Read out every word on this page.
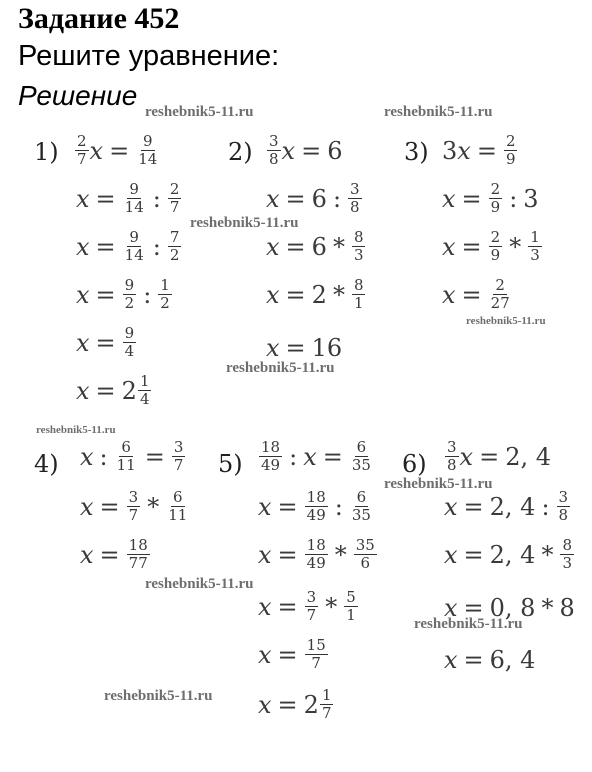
Задание 452
Решите уравнение:
Решение
reshebnik5-11.ru	reshebnik5-11.ru
reshebnik5-11.ru
reshebnik5-11.ru
reshebnik5-11.ru
reshebnik5-11.ru
reshebnik5-11.ru
reshebnik5-11.ru
reshebnik5-11.ru
reshebnik5-11.ru
$1) \frac{2}{7}$ $x = \frac{9}{14}$
$x = \frac{9}{14}$ : $\frac{2}{7}$
$x = \frac{9}{14}$ : $\frac{7}{2}$
$x = \frac{9}{2}$ : $\frac{1}{2}$
$x = \frac{9}{4}$
$x = 2 \frac{1}{4}$
$2) \frac{3}{8}$ x = 6
x = 6 : $\frac{3}{8}$
$x = 6 * \frac{8}{3}$
$x = 2 * \frac{8}{1}$
x = 16
3) 3 $x = \frac{2}{9}$
$x = \frac{2}{9}$ : 3
$x = \frac{2}{9} * \frac{1}{3}$
$x = \frac{2}{27}$
4) x : $\frac{6}{11} = \frac{3}{7}$
$x = \frac{3}{7} * \frac{6}{11}$
$x = \frac{18}{77}$
$5) \frac{18}{49}$ : $x = \frac{6}{35}$
$x = \frac{18}{49}$ : $\frac{6}{35}$
$x = \frac{18}{49} * \frac{35}{6}$
$x = \frac{3}{7} * \frac{5}{1}$
$x = \frac{15}{7}$
$x = 2 \frac{1}{7}$
$6) \frac{3}{8}$ x = 2, 4
x = 2, 4 : $\frac{3}{8}$
x = 2, $4 * \frac{8}{3}$
x = 0, 8 * 8
x = 6, 4
